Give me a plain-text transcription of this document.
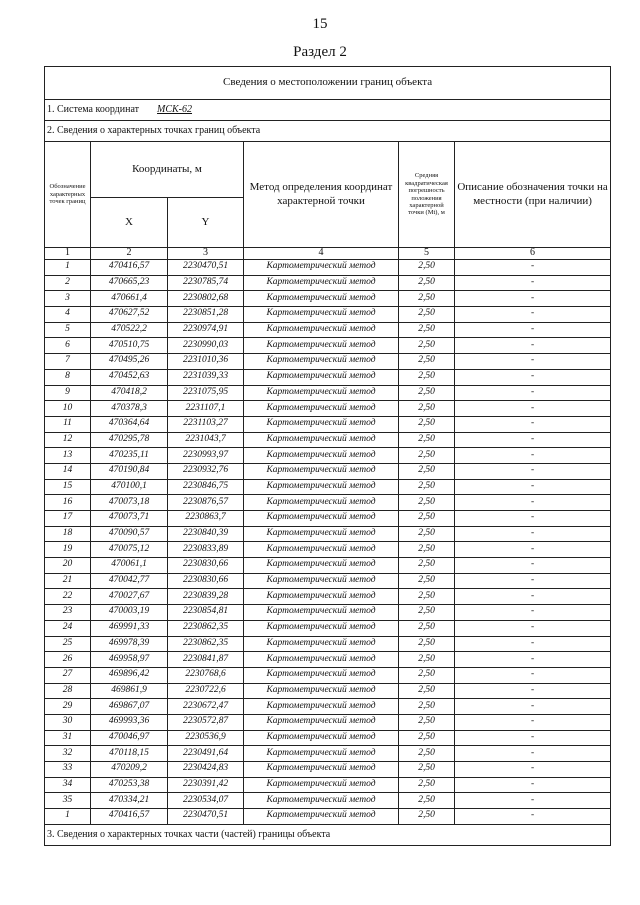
15
Раздел 2
Сведения о местоположении границ объекта					
1. Система координат МСК-62					
2. Сведения о характерных точках границ объекта					
Обозначение характерных точек границ	Координаты, м		Метод определения координат характерной точки	Средняя квадратическая погрешность положения характерной точки (Мt), м	Описание обозначения точки на местности (при наличии)
	X	Y			
1	2	3	4	5	6
1	470416,57	2230470,51	Картометрический метод	2,50	-
2	470665,23	2230785,74	Картометрический метод	2,50	-
3	470661,4	2230802,68	Картометрический метод	2,50	-
4	470627,52	2230851,28	Картометрический метод	2,50	-
5	470522,2	2230974,91	Картометрический метод	2,50	-
6	470510,75	2230990,03	Картометрический метод	2,50	-
7	470495,26	2231010,36	Картометрический метод	2,50	-
8	470452,63	2231039,33	Картометрический метод	2,50	-
9	470418,2	2231075,95	Картометрический метод	2,50	-
10	470378,3	2231107,1	Картометрический метод	2,50	-
11	470364,64	2231103,27	Картометрический метод	2,50	-
12	470295,78	2231043,7	Картометрический метод	2,50	-
13	470235,11	2230993,97	Картометрический метод	2,50	-
14	470190,84	2230932,76	Картометрический метод	2,50	-
15	470100,1	2230846,75	Картометрический метод	2,50	-
16	470073,18	2230876,57	Картометрический метод	2,50	-
17	470073,71	2230863,7	Картометрический метод	2,50	-
18	470090,57	2230840,39	Картометрический метод	2,50	-
19	470075,12	2230833,89	Картометрический метод	2,50	-
20	470061,1	2230830,66	Картометрический метод	2,50	-
21	470042,77	2230830,66	Картометрический метод	2,50	-
22	470027,67	2230839,28	Картометрический метод	2,50	-
23	470003,19	2230854,81	Картометрический метод	2,50	-
24	469991,33	2230862,35	Картометрический метод	2,50	-
25	469978,39	2230862,35	Картометрический метод	2,50	-
26	469958,97	2230841,87	Картометрический метод	2,50	-
27	469896,42	2230768,6	Картометрический метод	2,50	-
28	469861,9	2230722,6	Картометрический метод	2,50	-
29	469867,07	2230672,47	Картометрический метод	2,50	-
30	469993,36	2230572,87	Картометрический метод	2,50	-
31	470046,97	2230536,9	Картометрический метод	2,50	-
32	470118,15	2230491,64	Картометрический метод	2,50	-
33	470209,2	2230424,83	Картометрический метод	2,50	-
34	470253,38	2230391,42	Картометрический метод	2,50	-
35	470334,21	2230534,07	Картометрический метод	2,50	-
1	470416,57	2230470,51	Картометрический метод	2,50	-
3. Сведения о характерных точках части (частей) границы объекта					
